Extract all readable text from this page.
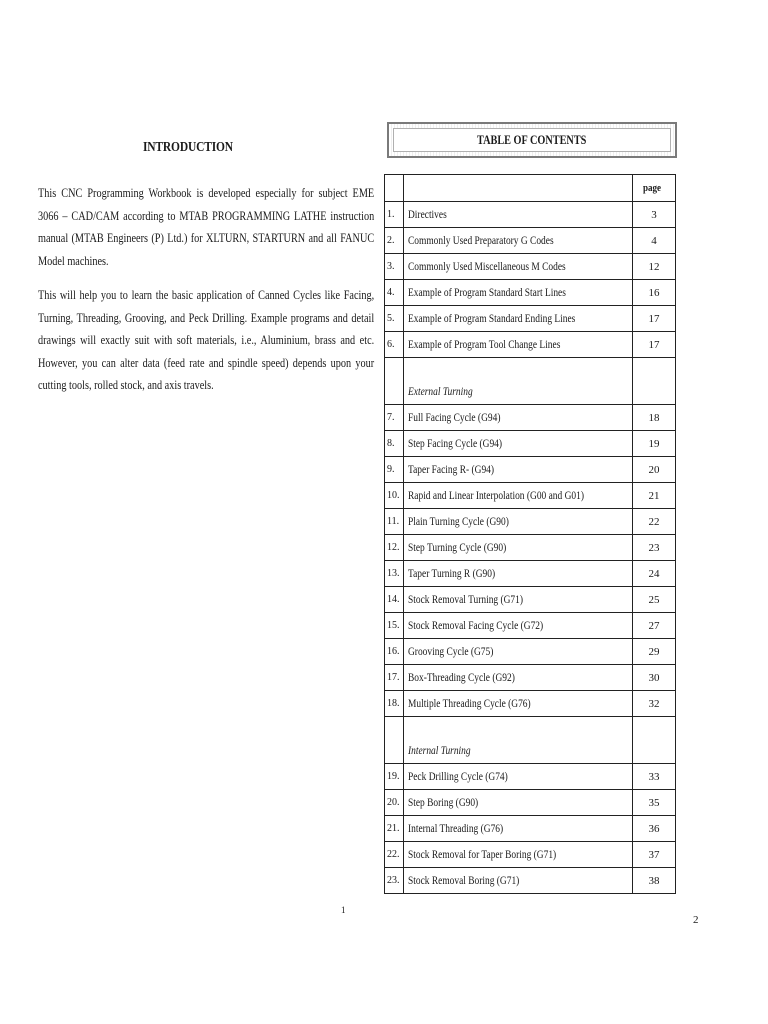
INTRODUCTION

This CNC Programming Workbook is developed especially for subject EME 3066 – CAD/CAM according to MTAB PROGRAMMING LATHE instruction manual (MTAB Engineers (P) Ltd.) for XLTURN, STARTURN and all FANUC Model machines.

This will help you to learn the basic application of Canned Cycles like Facing, Turning, Threading, Grooving, and Peck Drilling. Example programs and detail drawings will exactly suit with soft materials, i.e., Aluminium, brass and etc. However, you can alter data (feed rate and spindle speed) depends upon your cutting tools, rolled stock, and axis travels.

1
TABLE OF CONTENTS
		page
1.	Directives	3
2.	Commonly Used Preparatory G Codes	4
3.	Commonly Used Miscellaneous M Codes	12
4.	Example of Program Standard Start Lines	16
5.	Example of Program Standard Ending Lines	17
6.	Example of Program Tool Change Lines	17
	External Turning	
7.	Full Facing Cycle (G94)	18
8.	Step Facing Cycle (G94)	19
9.	Taper Facing R- (G94)	20
10.	Rapid and Linear Interpolation (G00 and G01)	21
11.	Plain Turning Cycle (G90)	22
12.	Step Turning Cycle (G90)	23
13.	Taper Turning R (G90)	24
14.	Stock Removal Turning (G71)	25
15.	Stock Removal Facing Cycle (G72)	27
16.	Grooving Cycle (G75)	29
17.	Box-Threading Cycle (G92)	30
18.	Multiple Threading Cycle (G76)	32
	Internal Turning	
19.	Peck Drilling Cycle (G74)	33
20.	Step Boring (G90)	35
21.	Internal Threading (G76)	36
22.	Stock Removal for Taper Boring (G71)	37
23.	Stock Removal Boring (G71)	38
2
